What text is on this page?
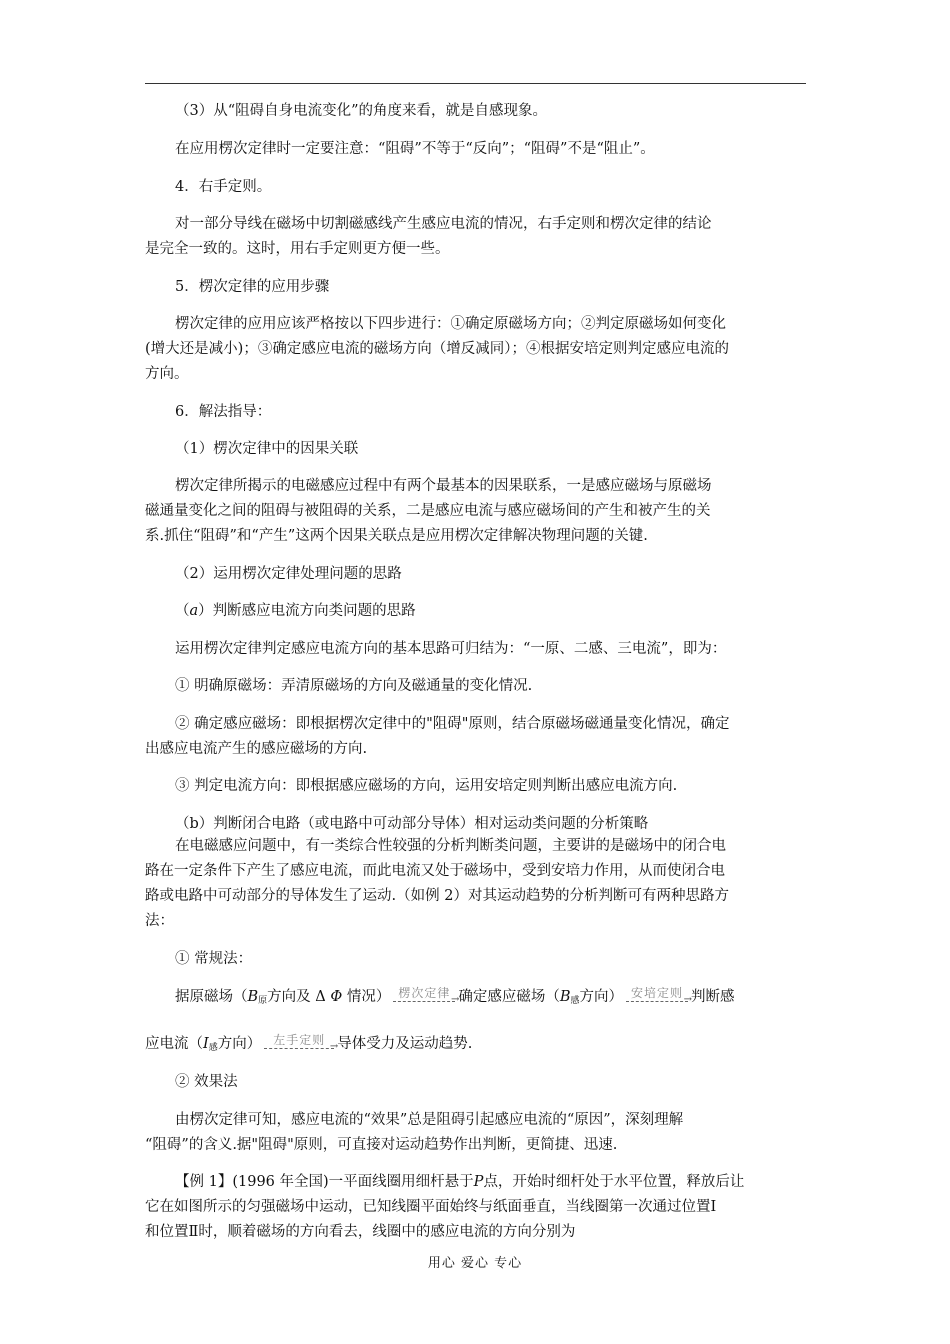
（3）从“阻碍自身电流变化”的角度来看，就是自感现象。
在应用楞次定律时一定要注意：“阻碍”不等于“反向”；“阻碍”不是“阻止”。
4．右手定则。
对一部分导线在磁场中切割磁感线产生感应电流的情况，右手定则和楞次定律的结论
是完全一致的。这时，用右手定则更方便一些。
5．楞次定律的应用步骤
楞次定律的应用应该严格按以下四步进行：①确定原磁场方向；②判定原磁场如何变化
(增大还是减小)；③确定感应电流的磁场方向（增反减同）；④根据安培定则判定感应电流的
方向。
6．解法指导：
（1）楞次定律中的因果关联
楞次定律所揭示的电磁感应过程中有两个最基本的因果联系，一是感应磁场与原磁场
磁通量变化之间的阻碍与被阻碍的关系，二是感应电流与感应磁场间的产生和被产生的关
系.抓住“阻碍”和“产生”这两个因果关联点是应用楞次定律解决物理问题的关键.
（2）运用楞次定律处理问题的思路
（a）判断感应电流方向类问题的思路
运用楞次定律判定感应电流方向的基本思路可归结为：“一原、二感、三电流”，即为：
① 明确原磁场：弄清原磁场的方向及磁通量的变化情况.
② 确定感应磁场：即根据楞次定律中的"阻碍"原则，结合原磁场磁通量变化情况，确定
出感应电流产生的感应磁场的方向.
③ 判定电流方向：即根据感应磁场的方向，运用安培定则判断出感应电流方向.
（b）判断闭合电路（或电路中可动部分导体）相对运动类问题的分析策略
在电磁感应问题中，有一类综合性较强的分析判断类问题，主要讲的是磁场中的闭合电
路在一定条件下产生了感应电流，而此电流又处于磁场中，受到安培力作用，从而使闭合电
路或电路中可动部分的导体发生了运动.（如例 2）对其运动趋势的分析判断可有两种思路方
法：
① 常规法：
据原磁场（$B_原$方向及 Δ Φ 情况） 楞次定律 → 确定感应磁场（$B_感$方向） 安培定则 → 判断感
应电流（$I_感$方向） 左手定则 → 导体受力及运动趋势.
② 效果法
由楞次定律可知，感应电流的“效果”总是阻碍引起感应电流的“原因”，深刻理解
“阻碍”的含义.据"阻碍"原则，可直接对运动趋势作出判断，更简捷、迅速.
【例 1】(1996 年全国)一平面线圈用细杆悬于P点，开始时细杆处于水平位置，释放后让
它在如图所示的匀强磁场中运动，已知线圈平面始终与纸面垂直，当线圈第一次通过位置Ⅰ
和位置Ⅱ时，顺着磁场的方向看去，线圈中的感应电流的方向分别为
用心 爱心 专心
